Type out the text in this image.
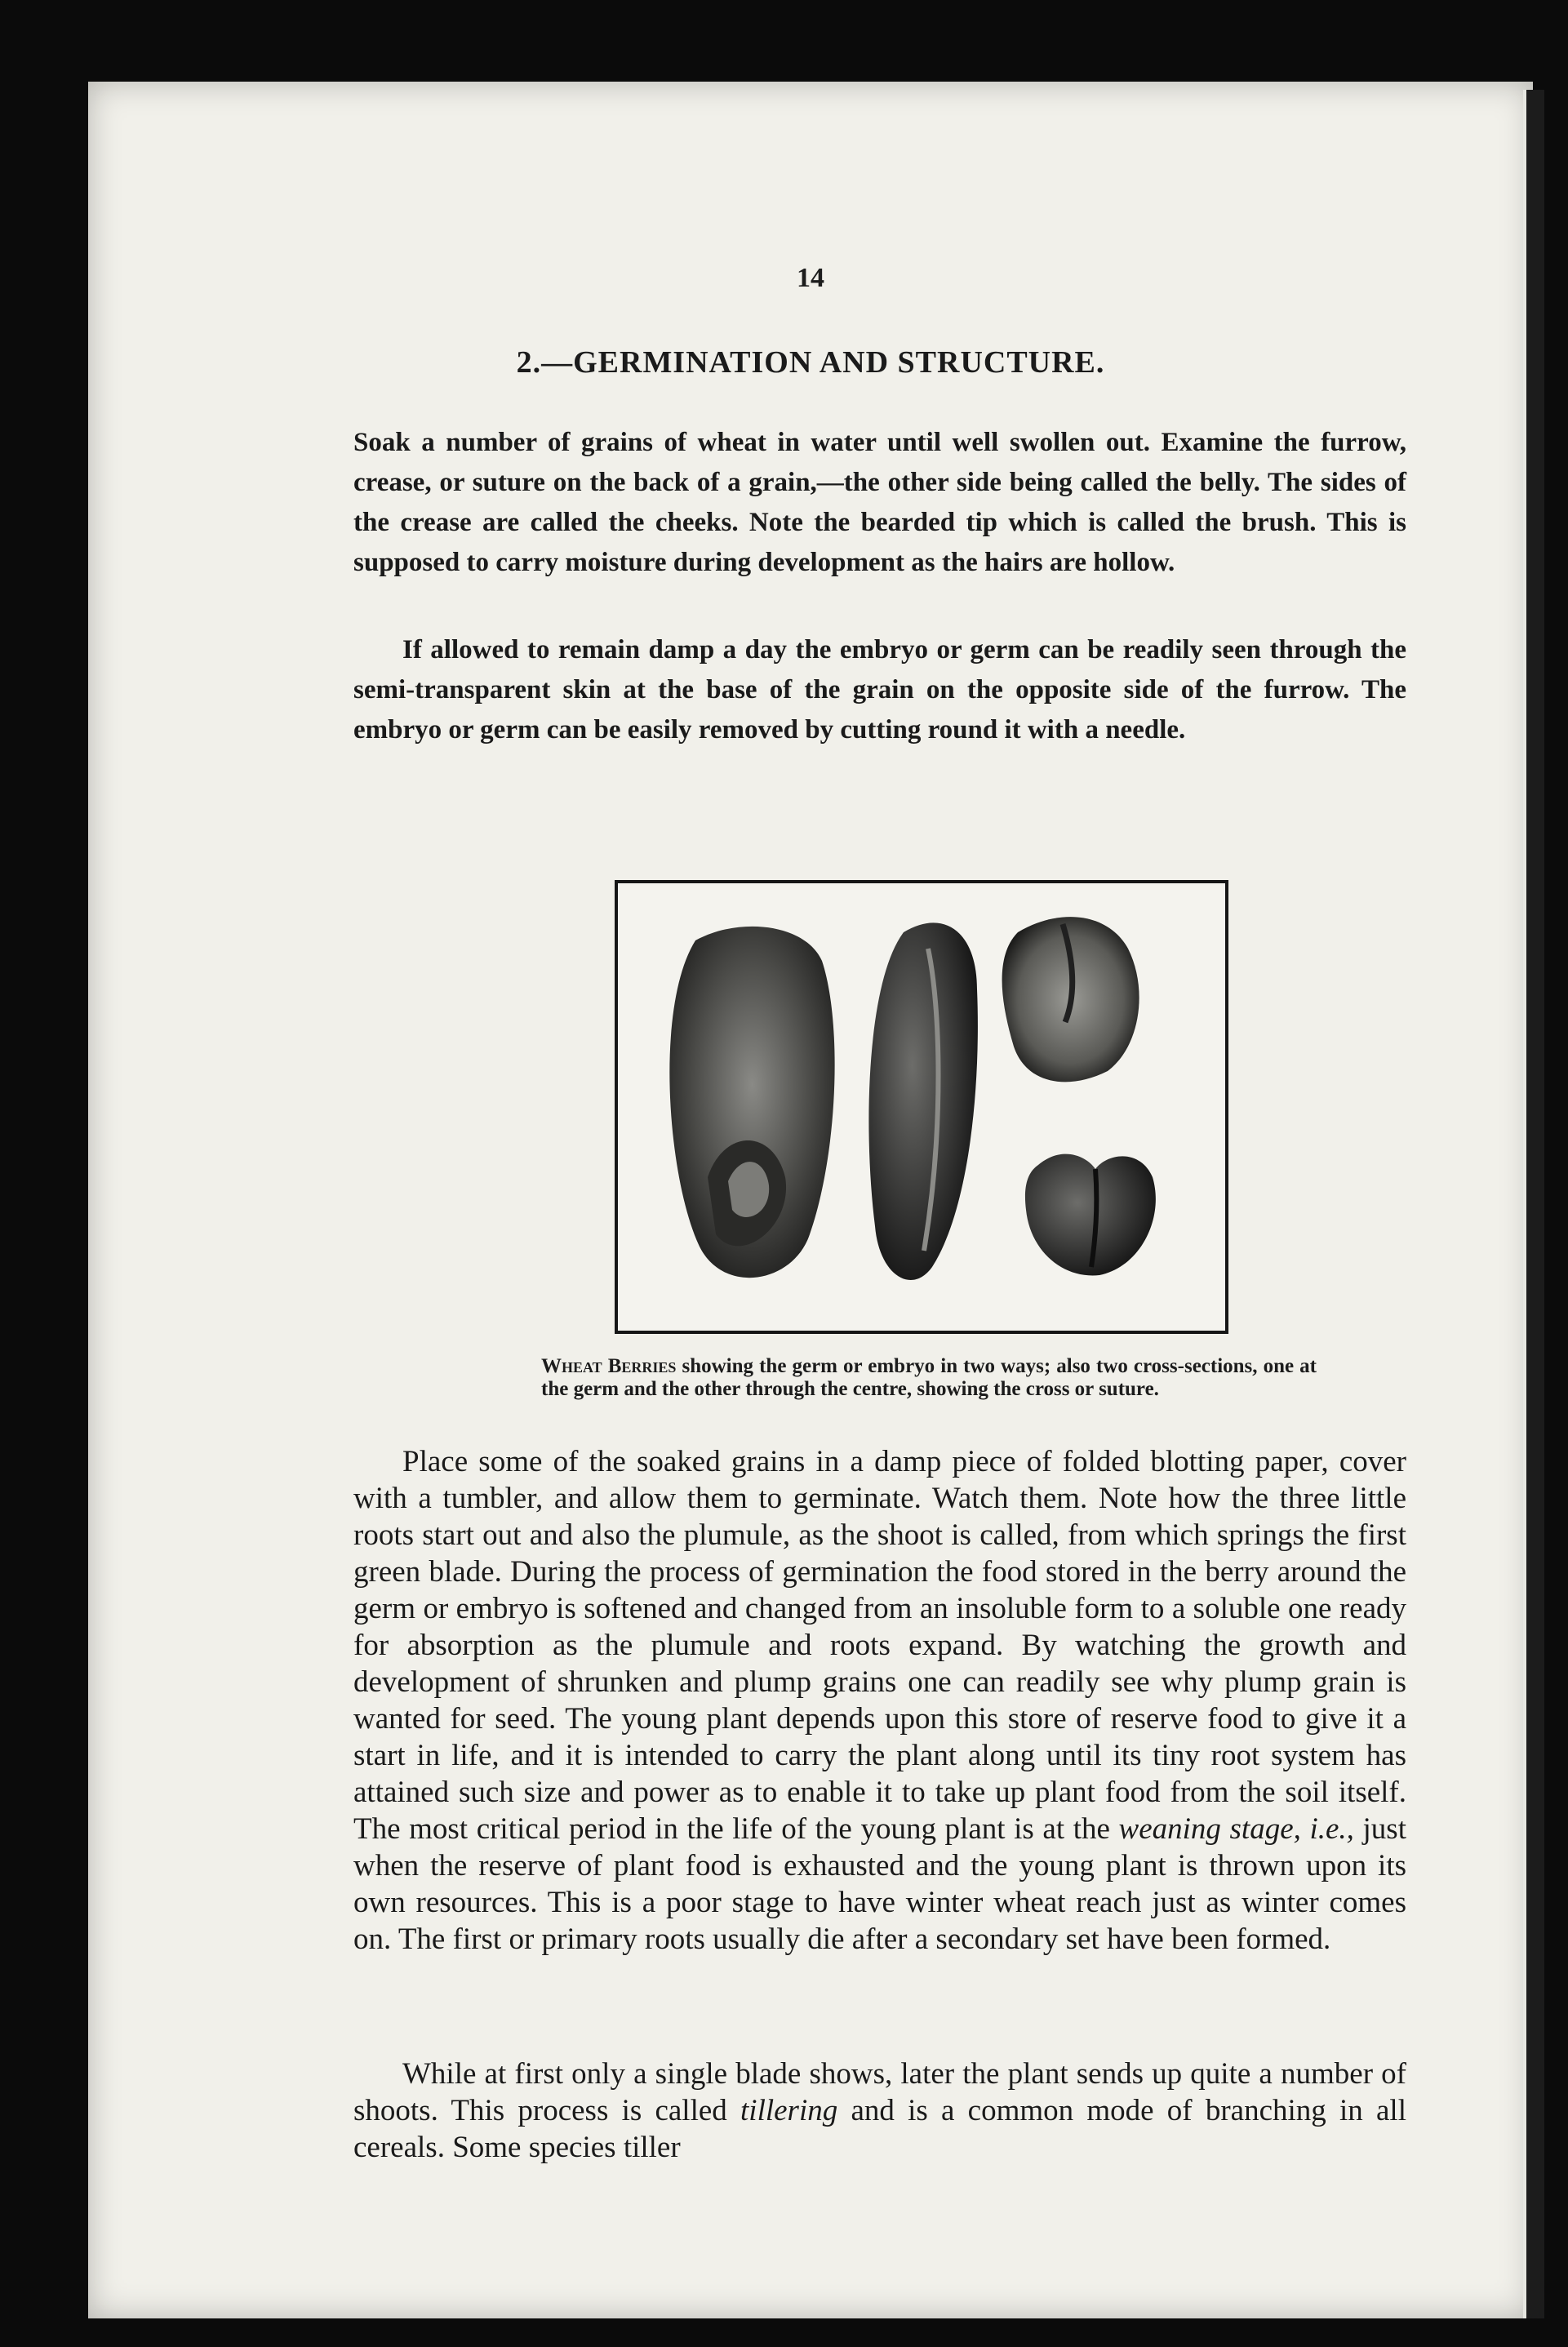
14
2.—GERMINATION AND STRUCTURE.

Soak a number of grains of wheat in water until well swollen out. Examine the furrow, crease, or suture on the back of a grain,—the other side being called the belly. The sides of the crease are called the cheeks. Note the bearded tip which is called the brush. This is supposed to carry moisture during development as the hairs are hollow.

If allowed to remain damp a day the embryo or germ can be readily seen through the semi-transparent skin at the base of the grain on the opposite side of the furrow. The embryo or germ can be easily removed by cutting round it with a needle.

Wheat Berries showing the germ or embryo in two ways; also two cross-sections, one at the germ and the other through the centre, showing the cross or suture.

Place some of the soaked grains in a damp piece of folded blotting paper, cover with a tumbler, and allow them to germinate. Watch them. Note how the three little roots start out and also the plumule, as the shoot is called, from which springs the first green blade. During the process of germination the food stored in the berry around the germ or embryo is softened and changed from an insoluble form to a soluble one ready for absorption as the plumule and roots expand. By watching the growth and development of shrunken and plump grains one can readily see why plump grain is wanted for seed. The young plant depends upon this store of reserve food to give it a start in life, and it is intended to carry the plant along until its tiny root system has attained such size and power as to enable it to take up plant food from the soil itself. The most critical period in the life of the young plant is at the weaning stage, i.e., just when the reserve of plant food is exhausted and the young plant is thrown upon its own resources. This is a poor stage to have winter wheat reach just as winter comes on. The first or primary roots usually die after a secondary set have been formed.

While at first only a single blade shows, later the plant sends up quite a number of shoots. This process is called tillering and is a common mode of branching in all cereals. Some species tiller
